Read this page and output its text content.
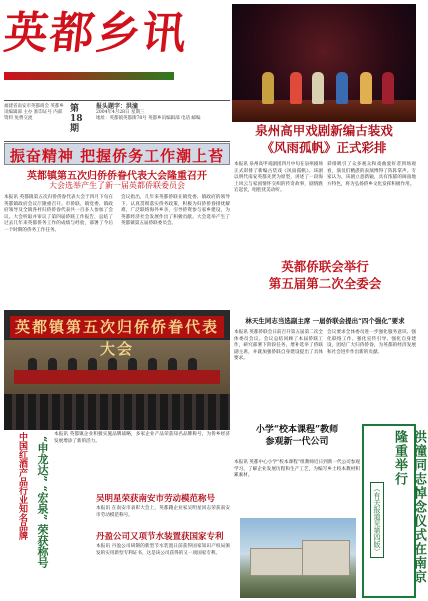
英都乡讯
福建省南安市英都商会 英都乡讯编辑部 主办 准印证号 内部资料 免费交流
第18期
报头题字：洪潼
2004年4月28日 星期三
地址：英都镇英都街78号 英都乡讯编辑部 电话 邮编
泉州高甲戏剧新编古装戏
《风雨孤帆》正式彩排
振奋精神 把握侨务工作潮上苔
英都镇第五次归侨侨眷代表大会隆重召开
大会选举产生了新一届英都侨联委员会
本报讯 英都镇第五次归侨侨眷代表大会于四月下旬在英都镇政府会议厅隆重召开。市侨联、镇党委、镇政府领导及全镇各村归侨侨眷代表共一百多人参加了会议。大会听取并审议了第四届侨联工作报告，总结了过去几年来英都侨务工作的成绩与经验，部署了今后一个时期的侨务工作任务。
会议指出，几年来英都侨联在镇党委、镇政府的领导下，认真贯彻落实侨务政策，积极为归侨侨眷排忧解难，广泛联络海外乡亲，引导侨资参与家乡建设，为英都经济社会发展作出了积极贡献。大会选举产生了英都镇第五届侨联委员会。
本报讯 泉州高甲戏剧团四月中旬在泉州剧场正式彩排了新编古装戏《风雨孤帆》。该剧以明代南安英都先贤为原型，讲述了一段海上风云与家国情怀交织的传奇故事，剧情跌宕起伏，唱腔优美动听。
彩排吸引了众多观众和戏曲爱好者到场观看，演员们精湛的表演博得了阵阵掌声。专家认为，该剧立意新颖，具有浓郁的闽南地方特色，将为弘扬侨乡文化发挥积极作用。
英都侨联会举行
第五届第二次全委会
林天生同志当选副主席 一届侨联会提出“四个强化”要求
本报讯 英都侨联会日前召开第五届第二次全体委员会议。会议总结回顾了本届侨联工作，研究部署下阶段任务，增补选举了侨联副主席，并就加强侨联自身建设提出了具体要求。
会议要求全体委员进一步强化服务意识、强化联络工作、强化宣传引导、强化自身建设，团结广大归侨侨眷，为英都的经济发展和社会进步作出新的贡献。
英都镇第五次归侨侨眷代表大会
小学“校本课程”教师
参观新一代公司
本报讯 英都中心小学“校本课程”组教师近日到新一代公司参观学习，了解企业发展历程和生产工艺，为编写乡土校本教材积累素材。	洪潼同志悼念仪式在南京隆重举行
（有关报道见第四版）
中国红酒产品行业知名品牌 “申龙达” “宏泉” 荣获称号
本报讯 英都镇企业积极实施品牌战略，多家企业产品荣获知名品牌称号，为侨乡经济发展增添了新的活力。
吴明星荣获南安市劳动模范称号
本报讯 在南安市表彰大会上，英都籍企业家吴明星同志荣获南安市劳动模范称号。
丹盈公司又项节水装置获国家专利
本报讯 丹盈公司研制的新型节水装置日前获得国家知识产权局颁发的实用新型专利证书，这是该公司获得的又一项国家专利。
